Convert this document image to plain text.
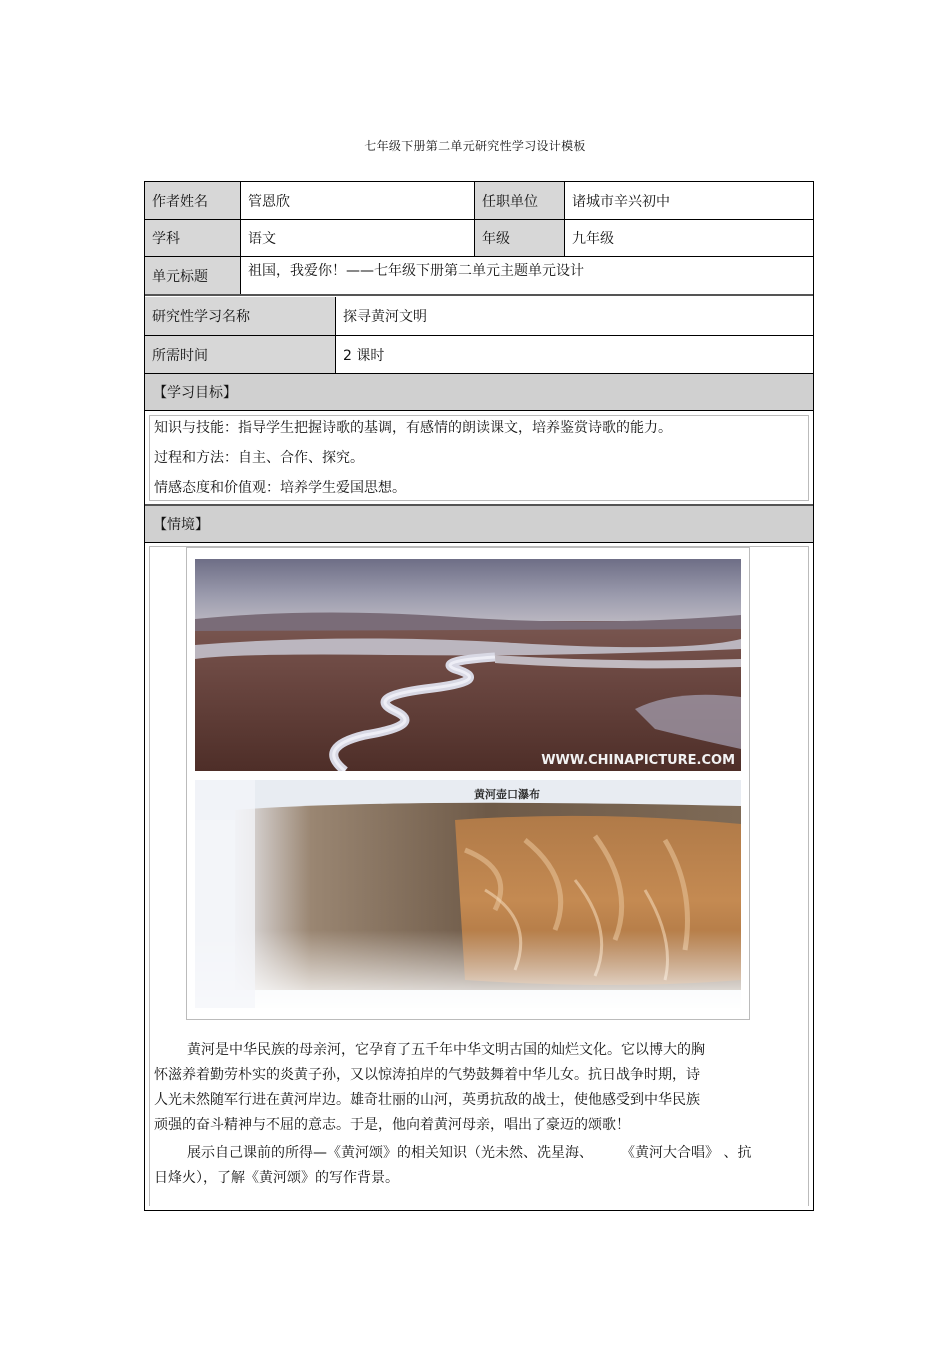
七年级下册第二单元研究性学习设计模板
作者姓名	管恩欣	任职单位	诸城市辛兴初中
学科	语文	年级	九年级
单元标题	祖国，我爱你！——七年级下册第二单元主题单元设计
研究性学习名称	探寻黄河文明
所需时间	2 课时
【学习目标】

知识与技能：指导学生把握诗歌的基调，有感情的朗读课文，培养鉴赏诗歌的能力。

过程和方法：自主、合作、探究。

情感态度和价值观：培养学生爱国思想。

【情境】
WWW.CHINAPICTURE.COM
黄河壶口瀑布

黄河是中华民族的母亲河，它孕育了五千年中华文明古国的灿烂文化。它以博大的胸

怀滋养着勤劳朴实的炎黄子孙，又以惊涛拍岸的气势鼓舞着中华儿女。抗日战争时期，诗

人光未然随军行进在黄河岸边。雄奇壮丽的山河，英勇抗敌的战士，使他感受到中华民族

顽强的奋斗精神与不屈的意志。于是，他向着黄河母亲，唱出了豪迈的颂歌！

展示自己课前的所得—《黄河颂》的相关知识（光未然、冼星海、　　　《黄河大合唱》 、抗

日烽火），了解《黄河颂》的写作背景。
